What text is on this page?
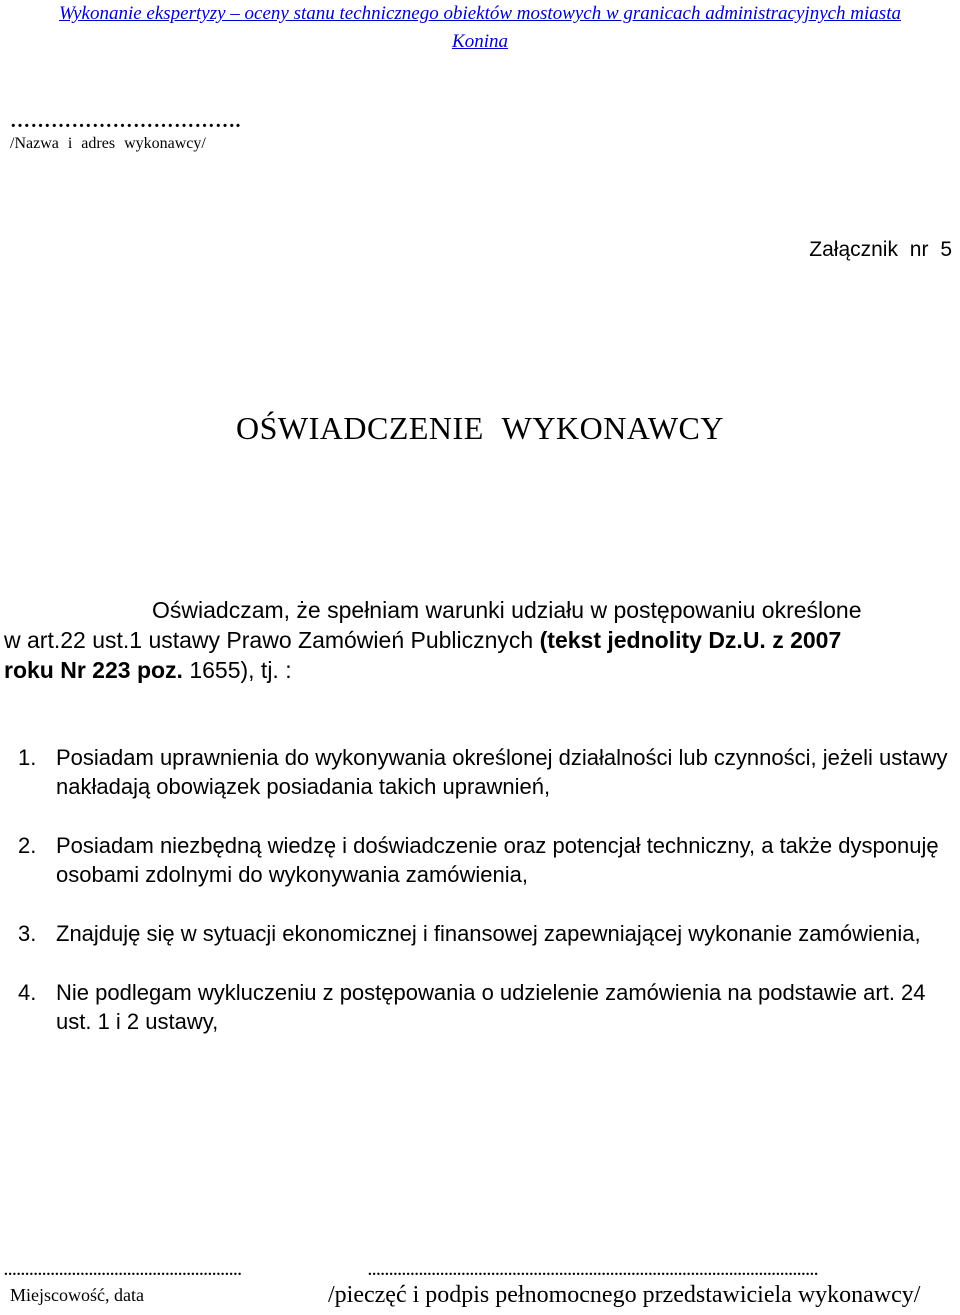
Wykonanie ekspertyzy – oceny stanu technicznego obiektów mostowych w granicach administracyjnych miasta
Konina
…………………………….
/Nazwa i adres wykonawcy/
Załącznik nr 5
OŚWIADCZENIE WYKONAWCY
Oświadczam, że spełniam warunki udziału w postępowaniu określone
w art.22 ust.1 ustawy Prawo Zamówień Publicznych (tekst jednolity Dz.U. z 2007
roku Nr 223 poz. 1655), tj. :
1. Posiadam uprawnienia do wykonywania określonej działalności lub czynności, jeżeli ustawy nakładają obowiązek posiadania takich uprawnień,
2. Posiadam niezbędną wiedzę i doświadczenie oraz potencjał techniczny, a także dysponuję osobami zdolnymi do wykonywania zamówienia,
3. Znajduję się w sytuacji ekonomicznej i finansowej zapewniającej wykonanie zamówienia,
4. Nie podlegam wykluczeniu z postępowania o udzielenie zamówienia na podstawie art. 24 ust. 1 i 2 ustawy,
........................................................
Miejscowość, data
..........................................................................................................
/pieczęć i podpis pełnomocnego przedstawiciela wykonawcy/
